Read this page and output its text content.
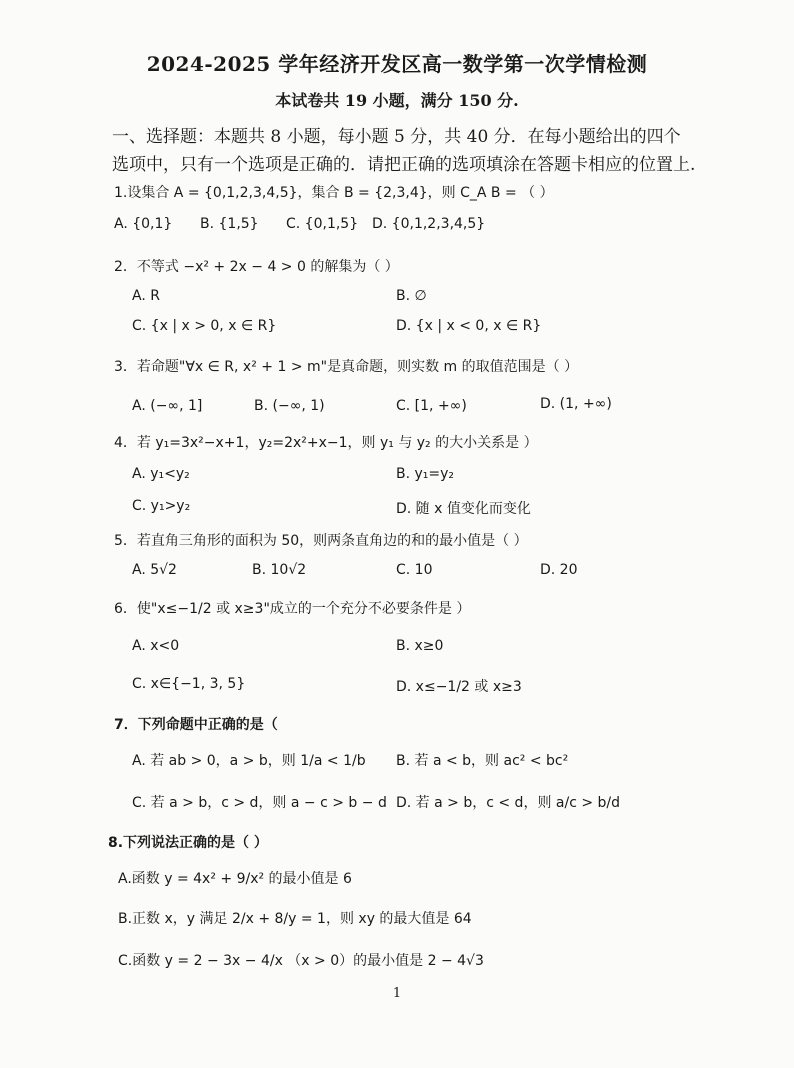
2024-2025 学年经济开发区高一数学第一次学情检测
本试卷共 19 小题，满分 150 分.
一、选择题：本题共 8 小题，每小题 5 分，共 40 分．在每小题给出的四个
选项中，只有一个选项是正确的．请把正确的选项填涂在答题卡相应的位置上.
1.设集合 A = {0,1,2,3,4,5}，集合 B = {2,3,4}，则 C_A B = （ ）
A. {0,1} B. {1,5} C. {0,1,5} D. {0,1,2,3,4,5}
2．不等式 −x² + 2x − 4 > 0 的解集为（ ）
A. R	B. ∅
C. {x | x > 0, x ∈ R}	D. {x | x < 0, x ∈ R}
3．若命题"∀x ∈ R, x² + 1 > m"是真命题，则实数 m 的取值范围是（ ）
A. (−∞, 1]	B. (−∞, 1)	C. [1, +∞)	D. (1, +∞)
4．若 y₁=3x²−x+1，y₂=2x²+x−1，则 y₁ 与 y₂ 的大小关系是 ）
A. y₁<y₂	B. y₁=y₂
C. y₁>y₂	D. 随 x 值变化而变化
5．若直角三角形的面积为 50，则两条直角边的和的最小值是（ ）
A. 5√2	B. 10√2	C. 10	D. 20
6．使"x≤−1/2 或 x≥3"成立的一个充分不必要条件是 ）
A. x<0	B. x≥0
C. x∈{−1, 3, 5}	D. x≤−1/2 或 x≥3
7．下列命题中正确的是（
A. 若 ab > 0，a > b，则 1/a < 1/b B. 若 a < b，则 ac² < bc²
C. 若 a > b，c > d，则 a − c > b − d D. 若 a > b，c < d，则 a/c > b/d
8.下列说法正确的是（ ）
A.函数 y = 4x² + 9/x² 的最小值是 6
B.正数 x，y 满足 2/x + 8/y = 1，则 xy 的最大值是 64
C.函数 y = 2 − 3x − 4/x （x > 0）的最小值是 2 − 4√3
1
